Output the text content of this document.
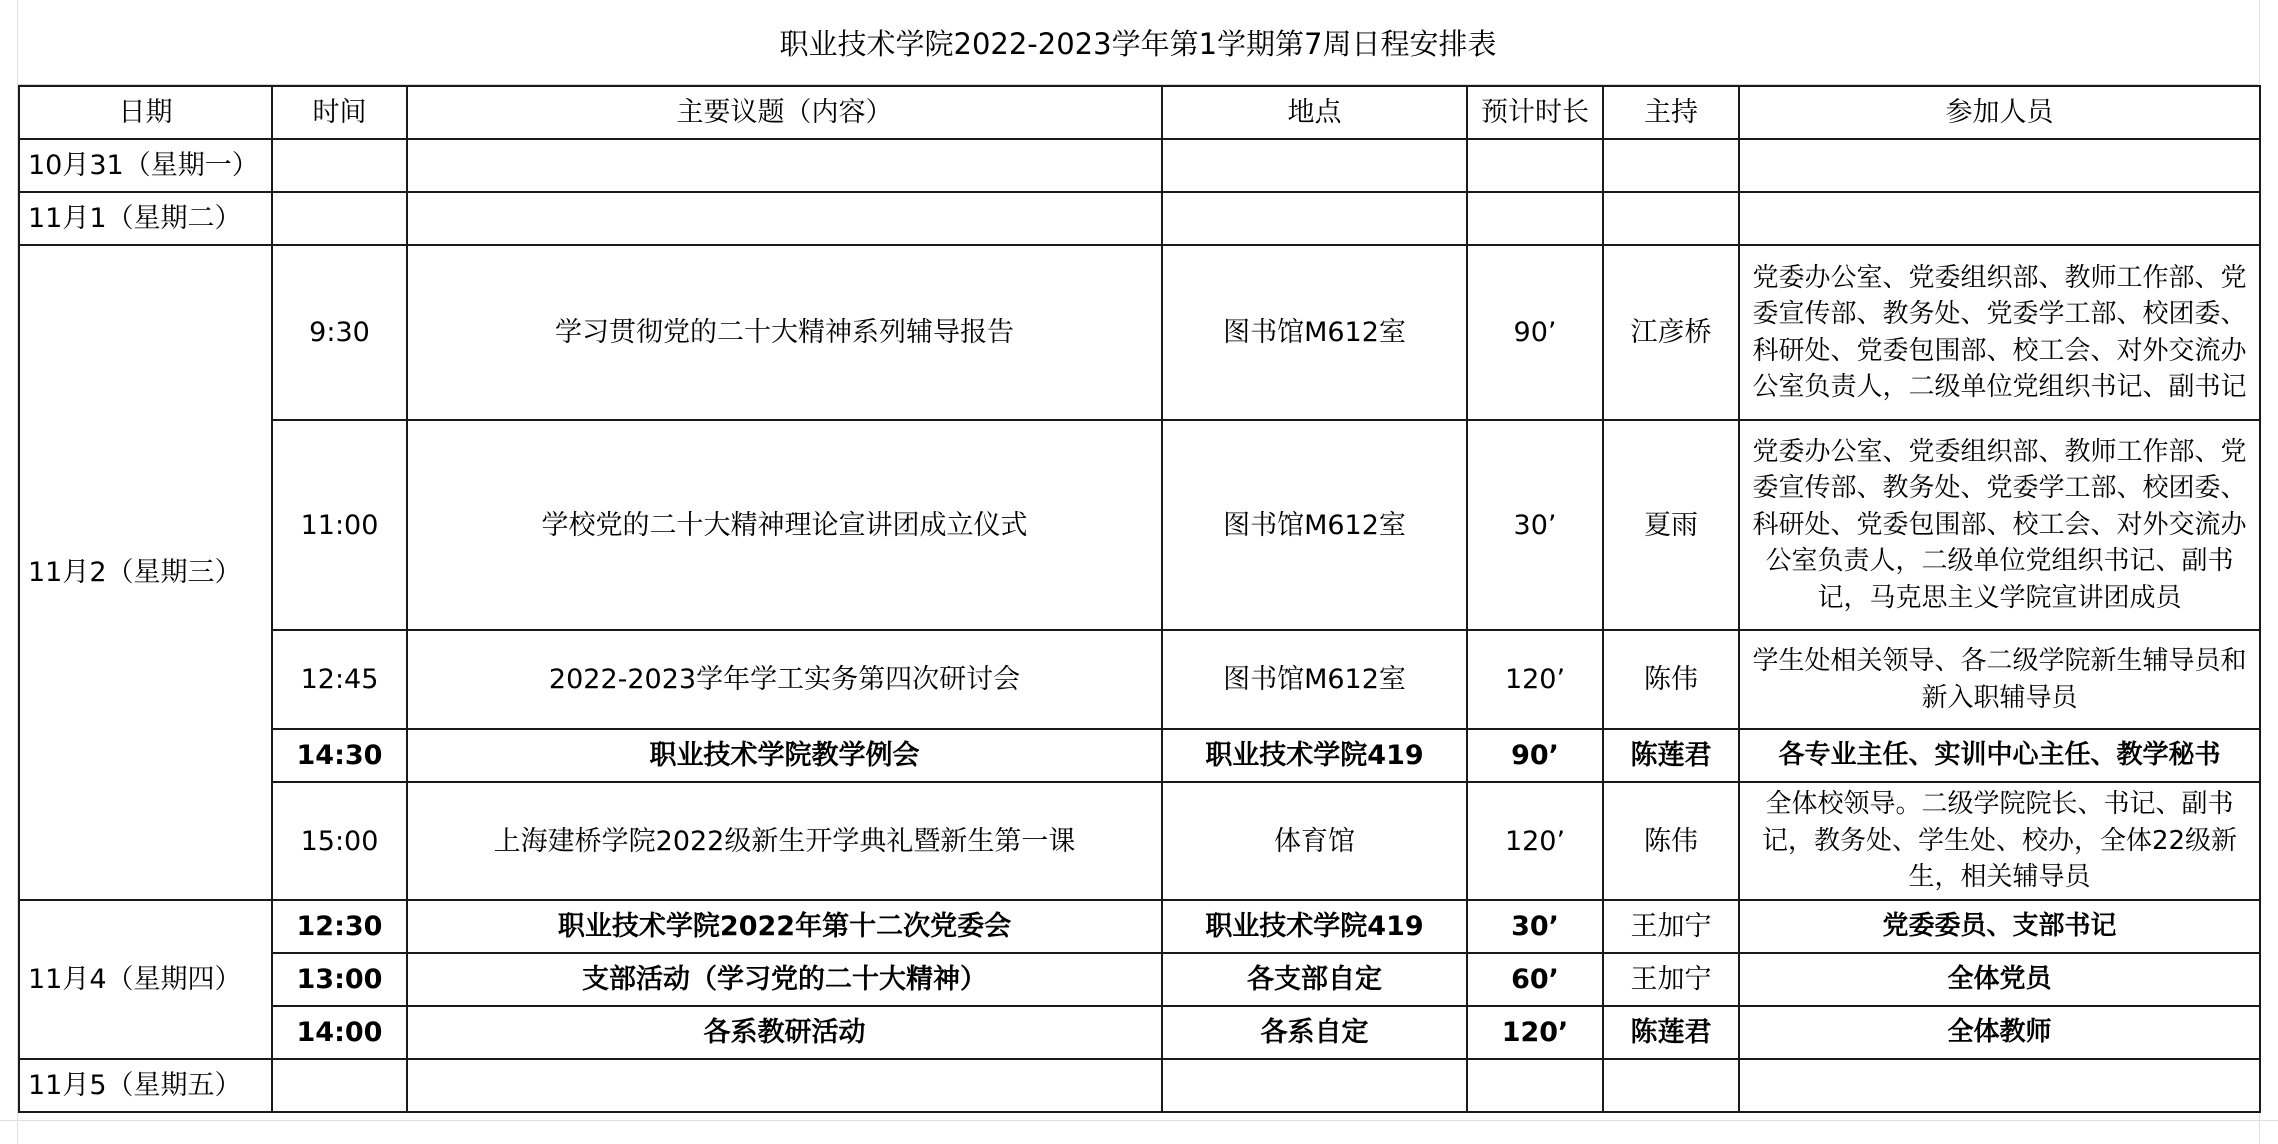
职业技术学院2022-2023学年第1学期第7周日程安排表
日期	时间	主要议题（内容）	地点	预计时长	主持	参加人员
10月31（星期一）						
11月1（星期二）						
11月2（星期三）	9:30	学习贯彻党的二十大精神系列辅导报告	图书馆M612室	90’	江彦桥	党委办公室、党委组织部、教师工作部、党委宣传部、教务处、党委学工部、校团委、科研处、党委包围部、校工会、对外交流办公室负责人，二级单位党组织书记、副书记
	11:00	学校党的二十大精神理论宣讲团成立仪式	图书馆M612室	30’	夏雨	党委办公室、党委组织部、教师工作部、党委宣传部、教务处、党委学工部、校团委、科研处、党委包围部、校工会、对外交流办公室负责人，二级单位党组织书记、副书记，马克思主义学院宣讲团成员
	12:45	2022-2023学年学工实务第四次研讨会	图书馆M612室	120’	陈伟	学生处相关领导、各二级学院新生辅导员和新入职辅导员
	14:30	职业技术学院教学例会	职业技术学院419	90’	陈莲君	各专业主任、实训中心主任、教学秘书
	15:00	上海建桥学院2022级新生开学典礼暨新生第一课	体育馆	120’	陈伟	全体校领导。二级学院院长、书记、副书记，教务处、学生处、校办，全体22级新生，相关辅导员
11月4（星期四）	12:30	职业技术学院2022年第十二次党委会	职业技术学院419	30’	王加宁	党委委员、支部书记
	13:00	支部活动（学习党的二十大精神）	各支部自定	60’	王加宁	全体党员
	14:00	各系教研活动	各系自定	120’	陈莲君	全体教师
11月5（星期五）						
